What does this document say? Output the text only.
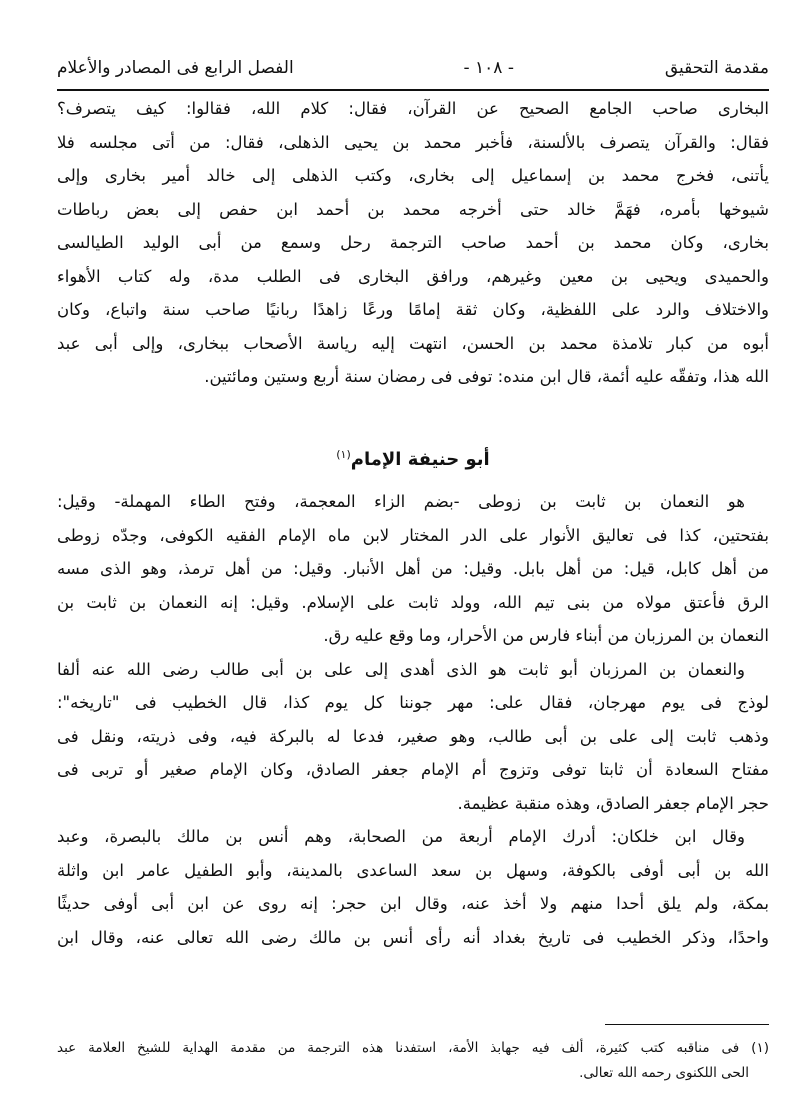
مقدمة التحقيق
- ١٠٨ -
الفصل الرابع فى المصادر والأعلام
البخارى صاحب الجامع الصحيح عن القرآن، فقال: كلام الله، فقالوا: كيف يتصرف؟
فقال: والقرآن يتصرف بالألسنة، فأخبر محمد بن يحيى الذهلى، فقال: من أتى مجلسه فلا
يأتنى، فخرج محمد بن إسماعيل إلى بخارى، وكتب الذهلى إلى خالد أمير بخارى وإلى
شيوخها بأمره، فهَمَّ خالد حتى أخرجه محمد بن أحمد ابن حفص إلى بعض رباطات
بخارى، وكان محمد بن أحمد صاحب الترجمة رحل وسمع من أبى الوليد الطيالسى
والحميدى ويحيى بن معين وغيرهم، ورافق البخارى فى الطلب مدة، وله كتاب الأهواء
والاختلاف والرد على اللفظية، وكان ثقة إمامًا ورعًا زاهدًا ربانيًا صاحب سنة واتباع، وكان
أبوه من كبار تلامذة محمد بن الحسن، انتهت إليه رياسة الأصحاب ببخارى، وإلى أبى عبد
الله هذا، وتفقّه عليه أئمة، قال ابن منده: توفى فى رمضان سنة أربع وستين ومائتين.
أبو حنيفة الإمام$^{(١)}$
هو النعمان بن ثابت بن زوطى -بضم الزاء المعجمة، وفتح الطاء المهملة- وقيل:
بفتحتين، كذا فى تعاليق الأنوار على الدر المختار لابن ماه الإمام الفقيه الكوفى، وجدّه زوطى
من أهل كابل، قيل: من أهل بابل. وقيل: من أهل الأنبار. وقيل: من أهل ترمذ، وهو الذى مسه
الرق فأعتق مولاه من بنى تيم الله، وولد ثابت على الإسلام. وقيل: إنه النعمان بن ثابت بن
النعمان بن المرزبان من أبناء فارس من الأحرار، وما وقع عليه رق.
والنعمان بن المرزبان أبو ثابت هو الذى أهدى إلى على بن أبى طالب رضى الله عنه ألفا
لوذج فى يوم مهرجان، فقال على: مهر جوننا كل يوم كذا، قال الخطيب فى "تاريخه":
وذهب ثابت إلى على بن أبى طالب، وهو صغير، فدعا له بالبركة فيه، وفى ذريته، ونقل فى
مفتاح السعادة أن ثابتا توفى وتزوج أم الإمام جعفر الصادق، وكان الإمام صغير أو تربى فى
حجر الإمام جعفر الصادق، وهذه منقبة عظيمة.
وقال ابن خلكان: أدرك الإمام أربعة من الصحابة، وهم أنس بن مالك بالبصرة، وعبد
الله بن أبى أوفى بالكوفة، وسهل بن سعد الساعدى بالمدينة، وأبو الطفيل عامر ابن واثلة
بمكة، ولم يلق أحدا منهم ولا أخذ عنه، وقال ابن حجر: إنه روى عن ابن أبى أوفى حديثًا
واحدًا، وذكر الخطيب فى تاريخ بغداد أنه رأى أنس بن مالك رضى الله تعالى عنه، وقال ابن
(١) فى مناقبه كتب كثيرة، ألف فيه جهابذ الأمة، استفدنا هذه الترجمة من مقدمة الهداية للشيخ العلامة عبد
الحى اللكنوى رحمه الله تعالى.
